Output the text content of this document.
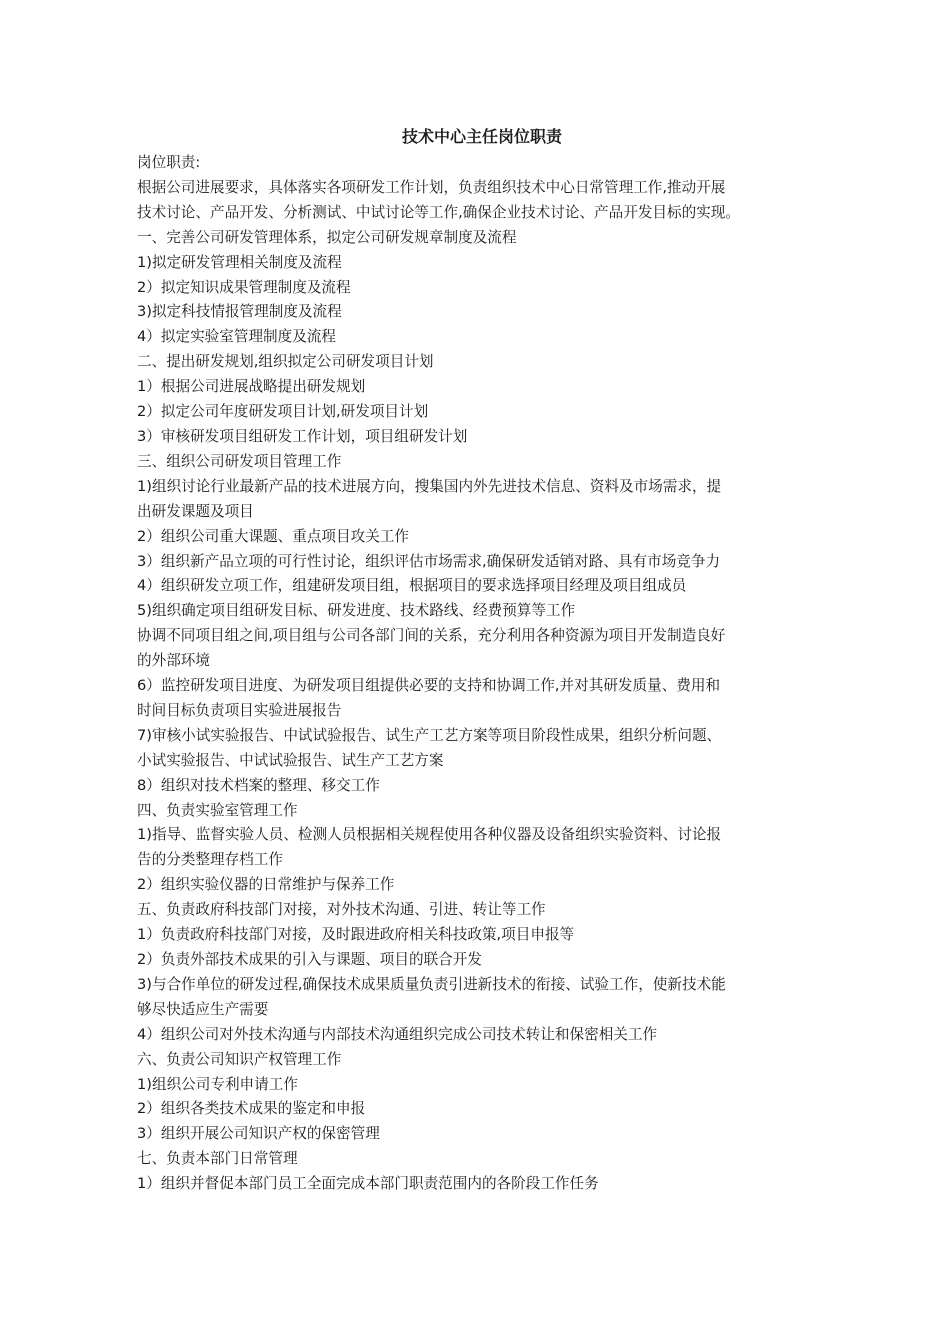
技术中心主任岗位职责
岗位职责:
根据公司进展要求，具体落实各项研发工作计划，负责组织技术中心日常管理工作,推动开展
技术讨论、产品开发、分析测试、中试讨论等工作,确保企业技术讨论、产品开发目标的实现。
一、完善公司研发管理体系，拟定公司研发规章制度及流程
1)拟定研发管理相关制度及流程
2）拟定知识成果管理制度及流程
3)拟定科技情报管理制度及流程
4）拟定实验室管理制度及流程
二、提出研发规划,组织拟定公司研发项目计划
1）根据公司进展战略提出研发规划
2）拟定公司年度研发项目计划,研发项目计划
3）审核研发项目组研发工作计划，项目组研发计划
三、组织公司研发项目管理工作
1)组织讨论行业最新产品的技术进展方向，搜集国内外先进技术信息、资料及市场需求，提
出研发课题及项目
2）组织公司重大课题、重点项目攻关工作
3）组织新产品立项的可行性讨论，组织评估市场需求,确保研发适销对路、具有市场竞争力
4）组织研发立项工作，组建研发项目组，根据项目的要求选择项目经理及项目组成员
5)组织确定项目组研发目标、研发进度、技术路线、经费预算等工作
协调不同项目组之间,项目组与公司各部门间的关系，充分利用各种资源为项目开发制造良好
的外部环境
6）监控研发项目进度、为研发项目组提供必要的支持和协调工作,并对其研发质量、费用和
时间目标负责项目实验进展报告
7)审核小试实验报告、中试试验报告、试生产工艺方案等项目阶段性成果，组织分析问题、
小试实验报告、中试试验报告、试生产工艺方案
8）组织对技术档案的整理、移交工作
四、负责实验室管理工作
1)指导、监督实验人员、检测人员根据相关规程使用各种仪器及设备组织实验资料、讨论报
告的分类整理存档工作
2）组织实验仪器的日常维护与保养工作
五、负责政府科技部门对接，对外技术沟通、引进、转让等工作
1）负责政府科技部门对接，及时跟进政府相关科技政策,项目申报等
2）负责外部技术成果的引入与课题、项目的联合开发
3)与合作单位的研发过程,确保技术成果质量负责引进新技术的衔接、试验工作，使新技术能
够尽快适应生产需要
4）组织公司对外技术沟通与内部技术沟通组织完成公司技术转让和保密相关工作
六、负责公司知识产权管理工作
1)组织公司专利申请工作
2）组织各类技术成果的鉴定和申报
3）组织开展公司知识产权的保密管理
七、负责本部门日常管理
1）组织并督促本部门员工全面完成本部门职责范围内的各阶段工作任务
